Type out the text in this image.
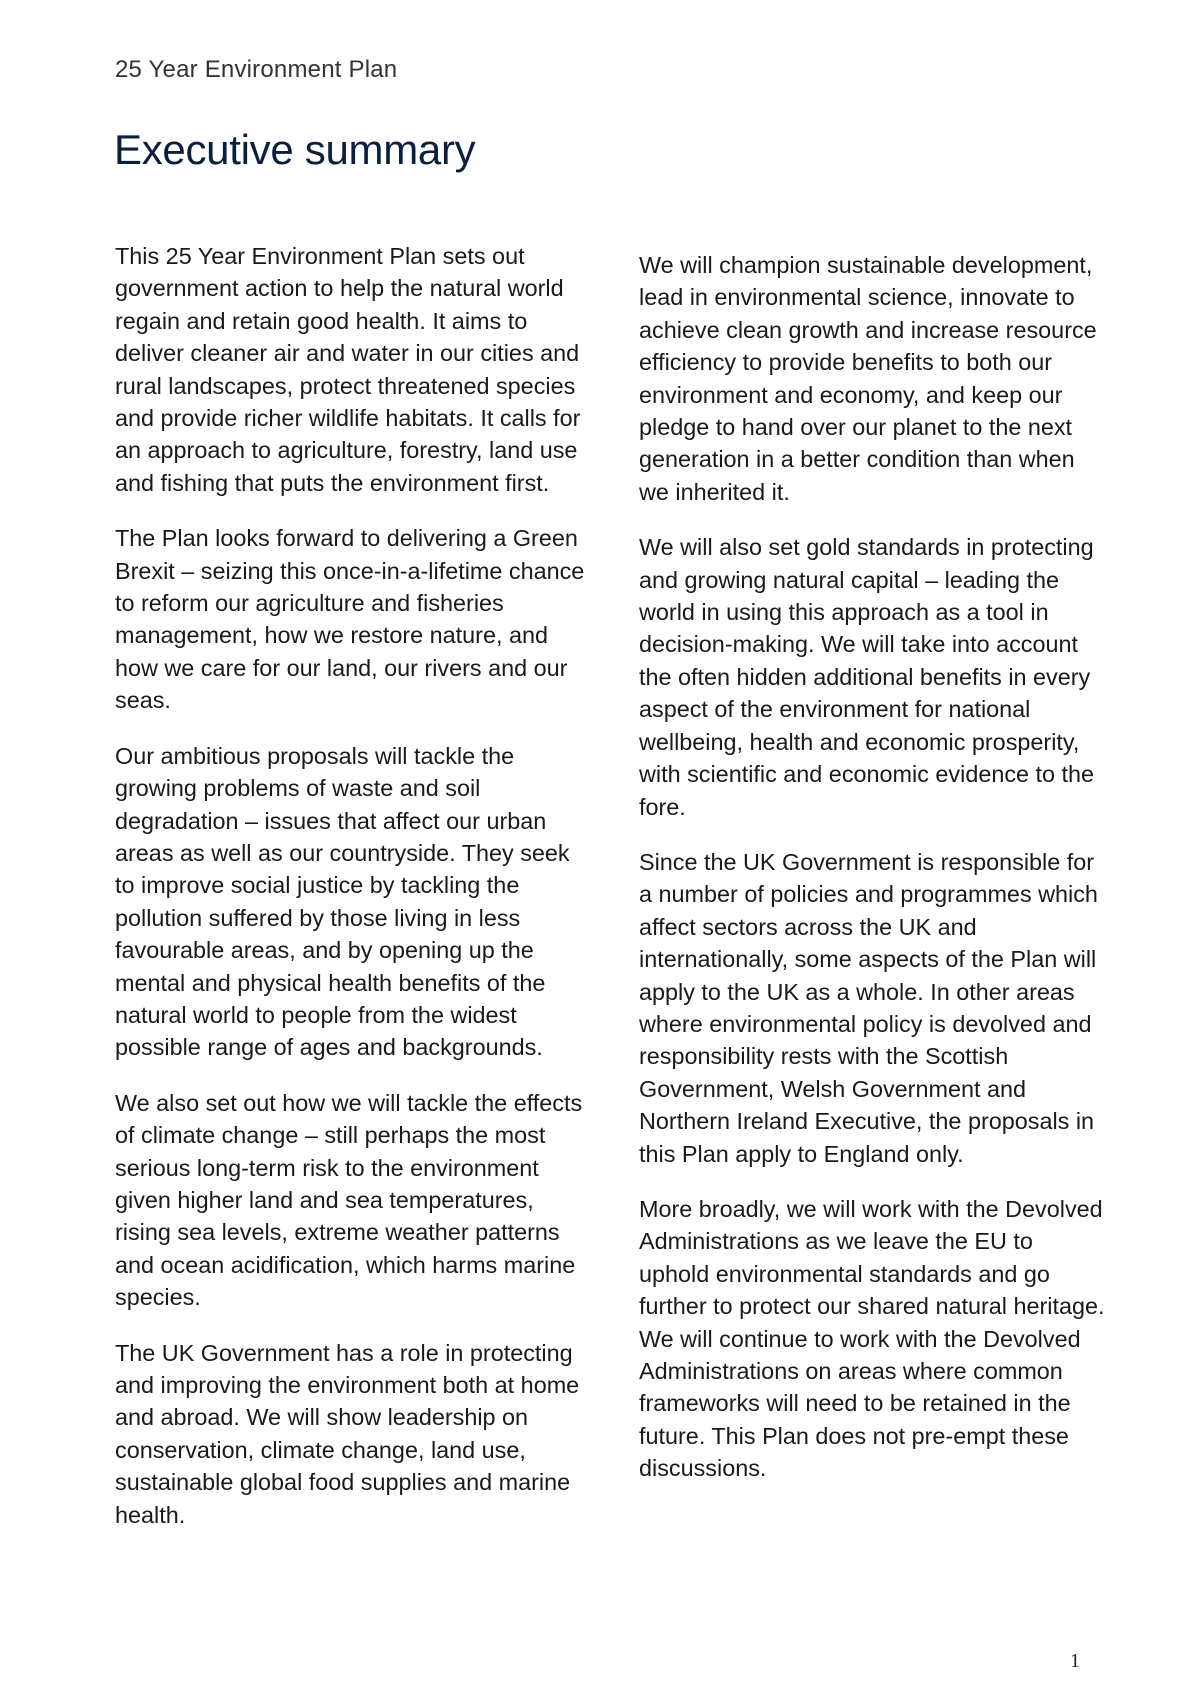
25 Year Environment Plan
Executive summary

This 25 Year Environment Plan sets out government action to help the natural world regain and retain good health. It aims to deliver cleaner air and water in our cities and rural landscapes, protect threatened species and provide richer wildlife habitats. It calls for an approach to agriculture, forestry, land use and fishing that puts the environment first.

The Plan looks forward to delivering a Green Brexit – seizing this once-in-a-lifetime chance to reform our agriculture and fisheries management, how we restore nature, and how we care for our land, our rivers and our seas.

Our ambitious proposals will tackle the growing problems of waste and soil degradation – issues that affect our urban areas as well as our countryside. They seek to improve social justice by tackling the pollution suffered by those living in less favourable areas, and by opening up the mental and physical health benefits of the natural world to people from the widest possible range of ages and backgrounds.

We also set out how we will tackle the effects of climate change – still perhaps the most serious long-term risk to the environment given higher land and sea temperatures, rising sea levels, extreme weather patterns and ocean acidification, which harms marine species.

The UK Government has a role in protecting and improving the environment both at home and abroad. We will show leadership on conservation, climate change, land use, sustainable global food supplies and marine health.

We will champion sustainable development, lead in environmental science, innovate to achieve clean growth and increase resource efficiency to provide benefits to both our environment and economy, and keep our pledge to hand over our planet to the next generation in a better condition than when we inherited it.

We will also set gold standards in protecting and growing natural capital – leading the world in using this approach as a tool in decision-making. We will take into account the often hidden additional benefits in every aspect of the environment for national wellbeing, health and economic prosperity, with scientific and economic evidence to the fore.

Since the UK Government is responsible for a number of policies and programmes which affect sectors across the UK and internationally, some aspects of the Plan will apply to the UK as a whole. In other areas where environmental policy is devolved and responsibility rests with the Scottish Government, Welsh Government and Northern Ireland Executive, the proposals in this Plan apply to England only.

More broadly, we will work with the Devolved Administrations as we leave the EU to uphold environmental standards and go further to protect our shared natural heritage. We will continue to work with the Devolved Administrations on areas where common frameworks will need to be retained in the future. This Plan does not pre-empt these discussions.

1
